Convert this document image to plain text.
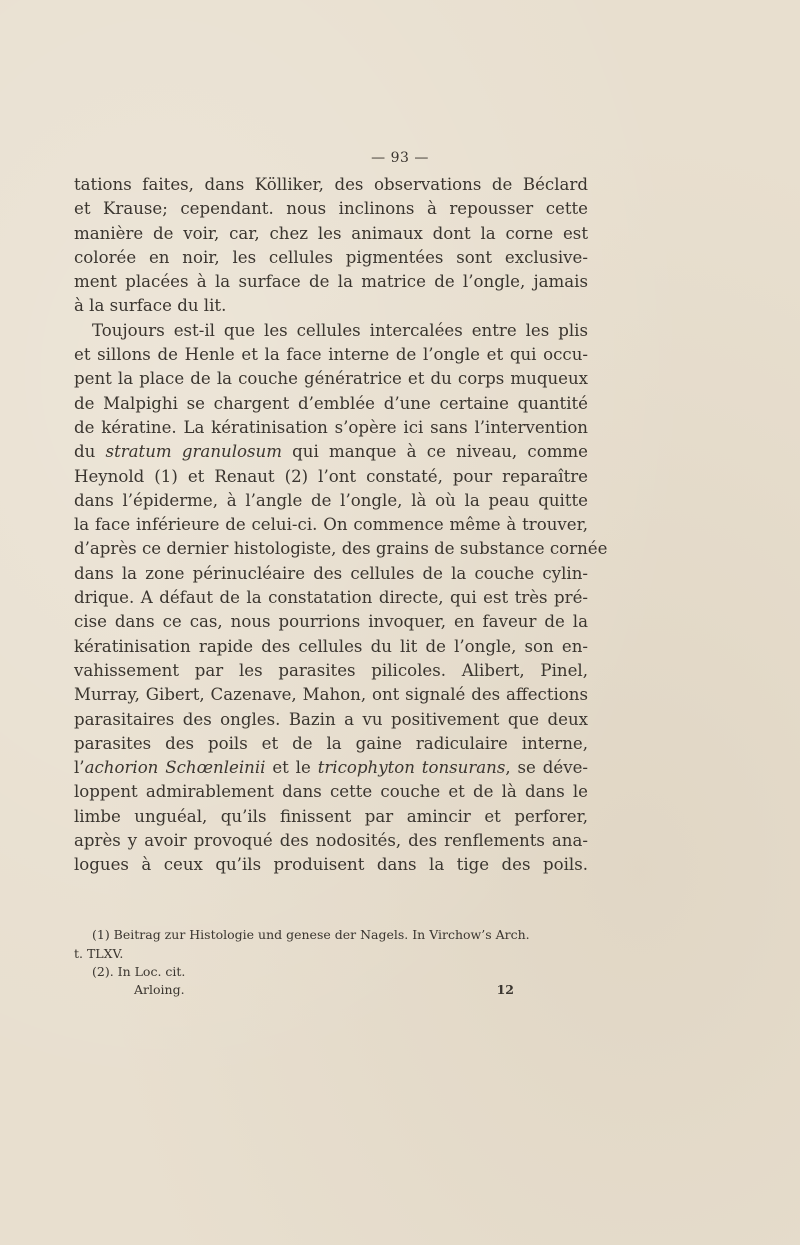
— 93 —
tations faites, dans Kölliker, des observations de Béclard
et Krause; cependant. nous inclinons à repousser cette
manière de voir, car, chez les animaux dont la corne est
colorée en noir, les cellules pigmentées sont exclusive-
ment placées à la surface de la matrice de l’ongle, jamais
à la surface du lit.
Toujours est-il que les cellules intercalées entre les plis
et sillons de Henle et la face interne de l’ongle et qui occu-
pent la place de la couche génératrice et du corps muqueux
de Malpighi se chargent d’emblée d’une certaine quantité
de kératine. La kératinisation s’opère ici sans l’intervention
du stratum granulosum qui manque à ce niveau, comme
Heynold (1) et Renaut (2) l’ont constaté, pour reparaître
dans l’épiderme, à l’angle de l’ongle, là où la peau quitte
la face inférieure de celui-ci. On commence même à trouver,
d’après ce dernier histologiste, des grains de substance cornée
dans la zone périnucléaire des cellules de la couche cylin-
drique. A défaut de la constatation directe, qui est très pré-
cise dans ce cas, nous pourrions invoquer, en faveur de la
kératinisation rapide des cellules du lit de l’ongle, son en-
vahissement par les parasites pilicoles. Alibert, Pinel,
Murray, Gibert, Cazenave, Mahon, ont signalé des affections
parasitaires des ongles. Bazin a vu positivement que deux
parasites des poils et de la gaine radiculaire interne,
l’achorion Schœnleinii et le tricophyton tonsurans, se déve-
loppent admirablement dans cette couche et de là dans le
limbe unguéal, qu’ils finissent par amincir et perforer,
après y avoir provoqué des nodosités, des renflements ana-
logues à ceux qu’ils produisent dans la tige des poils.
(1) Beitrag zur Histologie und genese der Nagels. In Virchow’s Arch.
t. TLXV.
(2). In Loc. cit.
Arloing.	12
